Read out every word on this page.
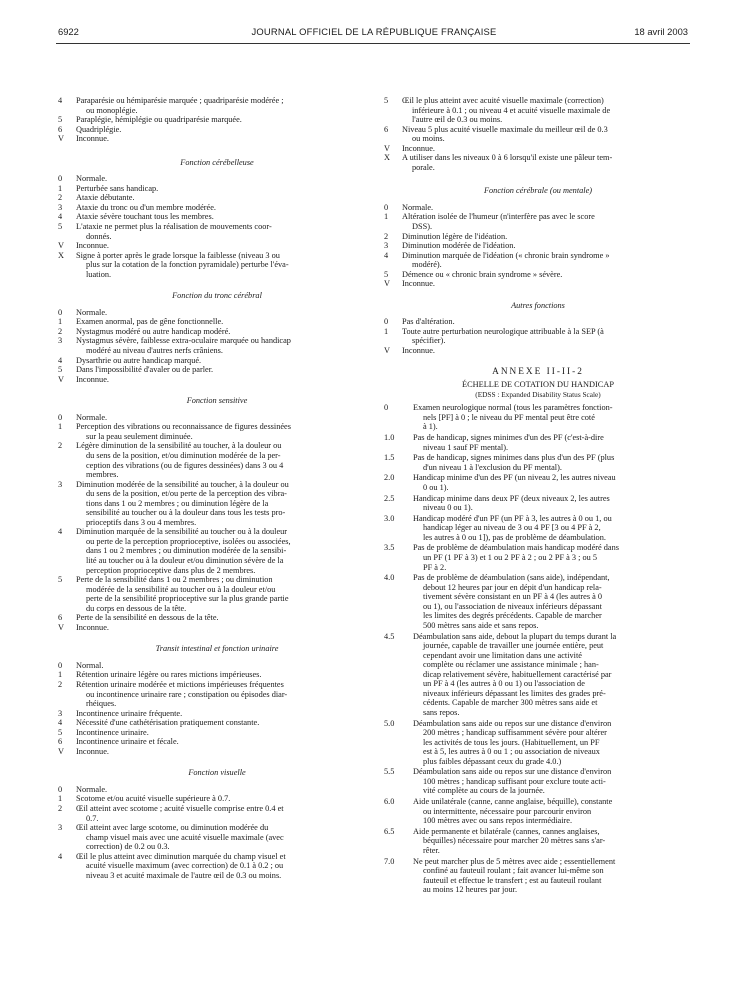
6922	JOURNAL OFFICIEL DE LA RÉPUBLIQUE FRANÇAISE	18 avril 2003
4	Paraparésie ou hémiparésie marquée ; quadriparésie modérée ;
ou monoplégie.
5	Paraplégie, hémiplégie ou quadriparésie marquée.
6	Quadriplégie.
V	Inconnue.
Fonction cérébelleuse
0	Normale.
1	Perturbée sans handicap.
2	Ataxie débutante.
3	Ataxie du tronc ou d'un membre modérée.
4	Ataxie sévère touchant tous les membres.
5	L'ataxie ne permet plus la réalisation de mouvements coor-
donnés.
V	Inconnue.
X	Signe à porter après le grade lorsque la faiblesse (niveau 3 ou
plus sur la cotation de la fonction pyramidale) perturbe l'éva-
luation.
Fonction du tronc cérébral
0	Normale.
1	Examen anormal, pas de gêne fonctionnelle.
2	Nystagmus modéré ou autre handicap modéré.
3	Nystagmus sévère, faiblesse extra-oculaire marquée ou handicap
modéré au niveau d'autres nerfs crâniens.
4	Dysarthrie ou autre handicap marqué.
5	Dans l'impossibilité d'avaler ou de parler.
V	Inconnue.
Fonction sensitive
0	Normale.
1	Perception des vibrations ou reconnaissance de figures dessinées
sur la peau seulement diminuée.
2	Légère diminution de la sensibilité au toucher, à la douleur ou
du sens de la position, et/ou diminution modérée de la per-
ception des vibrations (ou de figures dessinées) dans 3 ou 4
membres.
3	Diminution modérée de la sensibilité au toucher, à la douleur ou
du sens de la position, et/ou perte de la perception des vibra-
tions dans 1 ou 2 membres ; ou diminution légère de la
sensibilité au toucher ou à la douleur dans tous les tests pro-
prioceptifs dans 3 ou 4 membres.
4	Diminution marquée de la sensibilité au toucher ou à la douleur
ou perte de la perception proprioceptive, isolées ou associées,
dans 1 ou 2 membres ; ou diminution modérée de la sensibi-
lité au toucher ou à la douleur et/ou diminution sévère de la
perception proprioceptive dans plus de 2 membres.
5	Perte de la sensibilité dans 1 ou 2 membres ; ou diminution
modérée de la sensibilité au toucher ou à la douleur et/ou
perte de la sensibilité proprioceptive sur la plus grande partie
du corps en dessous de la tête.
6	Perte de la sensibilité en dessous de la tête.
V	Inconnue.
Transit intestinal et fonction urinaire
0	Normal.
1	Rétention urinaire légère ou rares mictions impérieuses.
2	Rétention urinaire modérée et mictions impérieuses fréquentes
ou incontinence urinaire rare ; constipation ou épisodes diar-
rhéiques.
3	Incontinence urinaire fréquente.
4	Nécessité d'une cathétérisation pratiquement constante.
5	Incontinence urinaire.
6	Incontinence urinaire et fécale.
V	Inconnue.
Fonction visuelle
0	Normale.
1	Scotome et/ou acuité visuelle supérieure à 0.7.
2	Œil atteint avec scotome ; acuité visuelle comprise entre 0.4 et
0.7.
3	Œil atteint avec large scotome, ou diminution modérée du
champ visuel mais avec une acuité visuelle maximale (avec
correction) de 0.2 ou 0.3.
4	Œil le plus atteint avec diminution marquée du champ visuel et
acuité visuelle maximum (avec correction) de 0.1 à 0.2 ; ou
niveau 3 et acuité maximale de l'autre œil de 0.3 ou moins.
5	Œil le plus atteint avec acuité visuelle maximale (correction)
inférieure à 0.1 ; ou niveau 4 et acuité visuelle maximale de
l'autre œil de 0.3 ou moins.
6	Niveau 5 plus acuité visuelle maximale du meilleur œil de 0.3
ou moins.
V	Inconnue.
X	A utiliser dans les niveaux 0 à 6 lorsqu'il existe une pâleur tem-
porale.
Fonction cérébrale (ou mentale)
0	Normale.
1	Altération isolée de l'humeur (n'interfère pas avec le score
DSS).
2	Diminution légère de l'idéation.
3	Diminution modérée de l'idéation.
4	Diminution marquée de l'idéation (« chronic brain syndrome »
modéré).
5	Démence ou « chronic brain syndrome » sévère.
V	Inconnue.
Autres fonctions
0	Pas d'altération.
1	Toute autre perturbation neurologique attribuable à la SEP (à
spécifier).
V	Inconnue.
ANNEXE II-II-2
ÉCHELLE DE COTATION DU HANDICAP
(EDSS : Expanded Disability Status Scale)
0	Examen neurologique normal (tous les paramètres fonction-
nels [PF] à 0 ; le niveau du PF mental peut être coté
à 1).
1.0	Pas de handicap, signes minimes d'un des PF (c'est-à-dire
niveau 1 sauf PF mental).
1.5	Pas de handicap, signes minimes dans plus d'un des PF (plus
d'un niveau 1 à l'exclusion du PF mental).
2.0	Handicap minime d'un des PF (un niveau 2, les autres niveau
0 ou 1).
2.5	Handicap minime dans deux PF (deux niveaux 2, les autres
niveau 0 ou 1).
3.0	Handicap modéré d'un PF (un PF à 3, les autres à 0 ou 1, ou
handicap léger au niveau de 3 ou 4 PF [3 ou 4 PF à 2,
les autres à 0 ou 1]), pas de problème de déambulation.
3.5	Pas de problème de déambulation mais handicap modéré dans
un PF (1 PF à 3) et 1 ou 2 PF à 2 ; ou 2 PF à 3 ; ou 5
PF à 2.
4.0	Pas de problème de déambulation (sans aide), indépendant,
debout 12 heures par jour en dépit d'un handicap rela-
tivement sévère consistant en un PF à 4 (les autres à 0
ou 1), ou l'association de niveaux inférieurs dépassant
les limites des degrés précédents. Capable de marcher
500 mètres sans aide et sans repos.
4.5	Déambulation sans aide, debout la plupart du temps durant la
journée, capable de travailler une journée entière, peut
cependant avoir une limitation dans une activité
complète ou réclamer une assistance minimale ; han-
dicap relativement sévère, habituellement caractérisé par
un PF à 4 (les autres à 0 ou 1) ou l'association de
niveaux inférieurs dépassant les limites des grades pré-
cédents. Capable de marcher 300 mètres sans aide et
sans repos.
5.0	Déambulation sans aide ou repos sur une distance d'environ
200 mètres ; handicap suffisamment sévère pour altérer
les activités de tous les jours. (Habituellement, un PF
est à 5, les autres à 0 ou 1 ; ou association de niveaux
plus faibles dépassant ceux du grade 4.0.)
5.5	Déambulation sans aide ou repos sur une distance d'environ
100 mètres ; handicap suffisant pour exclure toute acti-
vité complète au cours de la journée.
6.0	Aide unilatérale (canne, canne anglaise, béquille), constante
ou intermittente, nécessaire pour parcourir environ
100 mètres avec ou sans repos intermédiaire.
6.5	Aide permanente et bilatérale (cannes, cannes anglaises,
béquilles) nécessaire pour marcher 20 mètres sans s'ar-
rêter.
7.0	Ne peut marcher plus de 5 mètres avec aide ; essentiellement
confiné au fauteuil roulant ; fait avancer lui-même son
fauteuil et effectue le transfert ; est au fauteuil roulant
au moins 12 heures par jour.
